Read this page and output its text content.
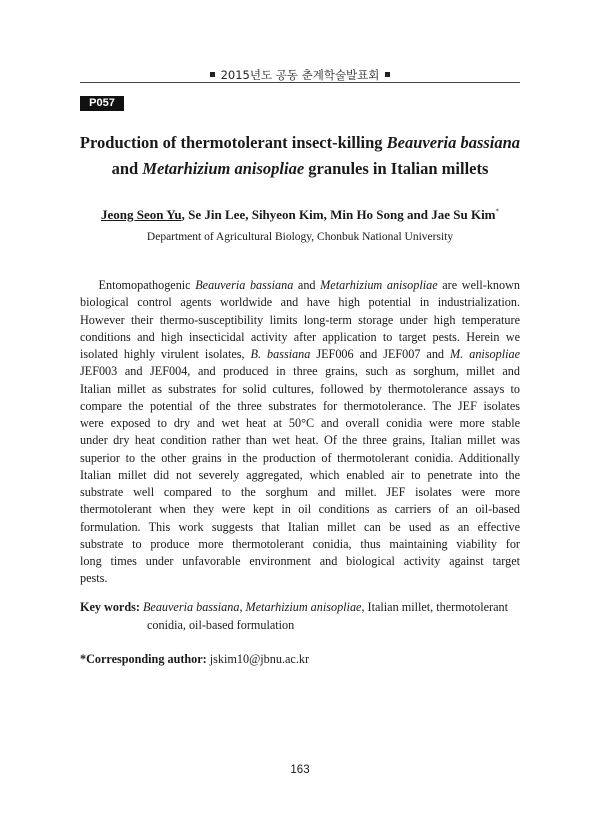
2015년도 공동 춘계학술발표회
P057
Production of thermotolerant insect-killing Beauveria bassiana
and Metarhizium anisopliae granules in Italian millets
Jeong Seon Yu, Se Jin Lee, Sihyeon Kim, Min Ho Song and Jae Su Kim*
Department of Agricultural Biology, Chonbuk National University
Entomopathogenic Beauveria bassiana and Metarhizium anisopliae are well-known
biological control agents worldwide and have high potential in industrialization.
However their thermo-susceptibility limits long-term storage under high temperature
conditions and high insecticidal activity after application to target pests. Herein we
isolated highly virulent isolates, B. bassiana JEF006 and JEF007 and M. anisopliae
JEF003 and JEF004, and produced in three grains, such as sorghum, millet and
Italian millet as substrates for solid cultures, followed by thermotolerance assays to
compare the potential of the three substrates for thermotolerance. The JEF isolates
were exposed to dry and wet heat at 50°C and overall conidia were more stable
under dry heat condition rather than wet heat. Of the three grains, Italian millet was
superior to the other grains in the production of thermotolerant conidia. Additionally
Italian millet did not severely aggregated, which enabled air to penetrate into the
substrate well compared to the sorghum and millet. JEF isolates were more
thermotolerant when they were kept in oil conditions as carriers of an oil-based
formulation. This work suggests that Italian millet can be used as an effective
substrate to produce more thermotolerant conidia, thus maintaining viability for
long times under unfavorable environment and biological activity against target
pests.
Key words: Beauveria bassiana, Metarhizium anisopliae, Italian millet, thermotolerant
conidia, oil-based formulation
*Corresponding author: jskim10@jbnu.ac.kr
163
